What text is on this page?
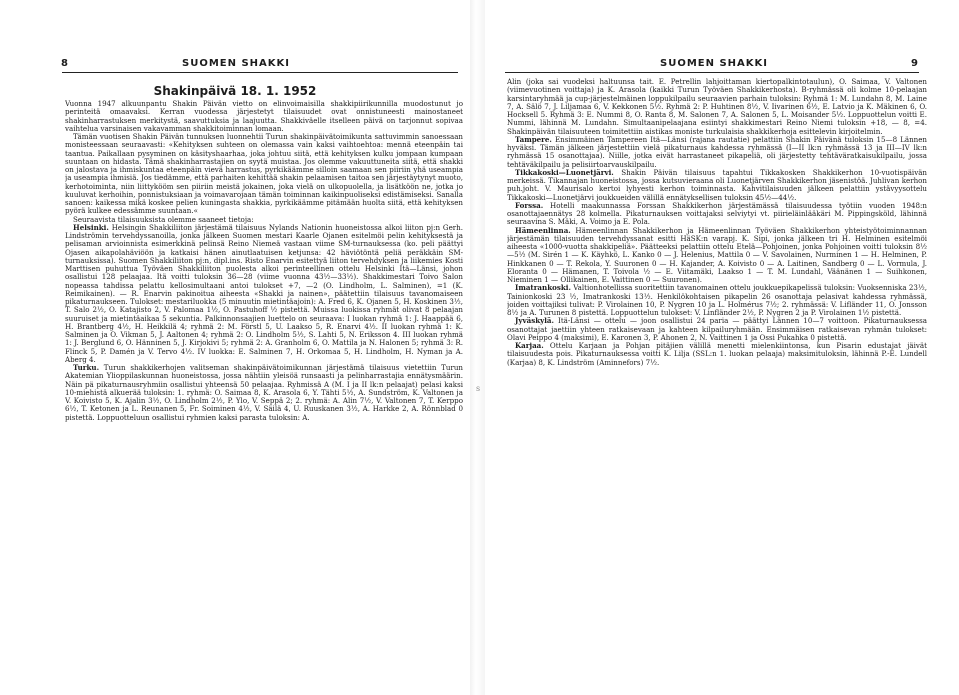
8	SUOMEN SHAKKI
Shakinpäivä 18. 1. 1952

Vuonna 1947 alkuunpantu Shakin Päivän vietto on elinvoimaisilla shakkipiirikunnilla muodostunut jo perinteitä omaavaksi. Kerran vuodessa järjestetyt tilaisuudet ovat onnistuneesti mainostaneet shakinharrastuksen merkitystä, saavuttuksia ja laajuutta. Shakkiväelle itselleen päivä on tarjonnut sopivaa vaihtelua varsinaisen vakavamman shakkitoiminnan lomaan.

Tämän vuotisen Shakin Päivän tunnuksen luonnehtii Turun shakinpäivätoimikunta sattuvimmin sanoessaan monisteessaan seuraavasti: «Kehityksen suhteen on olemassa vain kaksi vaihtoehtoa: mennä eteenpäin tai taantua. Paikallaan pysyminen on käsityshaarhaa, joka johtuu siitä, että kehityksen kulku jompaan kumpaan suuntaan on hidasta. Tämä shakinharrastajien on syytä muistaa. Jos olemme vakuuttuneita siitä, että shakki on jalostava ja ihmiskuntaa eteenpäin vievä harrastus, pyrkikäämme silloin saamaan sen piiriin yhä useampia ja useampia ihmisiä. Jos tiedämme, että parhaiten kehittää shakin pelaamisen taitoa sen järjestäytynyt muoto, kerhotoiminta, niin liittykööm sen piiriin meistä jokainen, joka vielä on ulkopuolella, ja lisätköön ne, jotka jo kuuluvat kerhoihin, ponnistuksiaan ja voimavarojaan tämän toiminnan kaikinpuoliseksi edistämiseksi. Sanalla sanoen: kaikessa mikä koskee pelien kuningasta shakkia, pyrkikäämme pitämään huolta siitä, että kehityksen pyörä kulkee edessämme suuntaan.«

Seuraavista tilaisuuksista olemme saaneet tietoja:

Helsinki. Helsingin Shakkiliiton järjestämä tilaisuus Nylands Nationin huoneistossa alkoi liiton pj:n Gerh. Lindströmin tervehdyssanoilla, jonka jälkeen Suomen mestari Kaarle Ojanen esitelmöi pelin kehityksestä ja pelisaman arvioinnista esimerkkinä pelinsä Reino Niemeä vastaan viime SM-turnauksessa (ko. peli päättyi Ojasen aikapolahäviöön ja katkaisi hänen ainutlaatuisen ketjunsa: 42 häviötöntä peliä peräkkäin SM-turnauksissa). Suomen Shakkiliiton pj:n, dipl.ins. Risto Enarvin esitettyä liiton tervehdyksen ja liikemies Kosti Marttisen puhuttua Työväen Shakkiliiton puolesta alkoi perinteellinen ottelu Helsinki Itä—Länsi, johon osallistui 128 pelaajaa. Itä voitti tuloksin 36—28 (viime vuonna 43½—33½). Shakkimestari Toivo Salon nopeassa tahdissa pelattu kellosimultaani antoi tulokset +7, —2 (O. Lindholm, L. Salminen), =1 (K. Reimikainen). — R. Enarvin pakinoitua aiheesta «Shakki ja nainen», päätettiin tilaisuus tavanomaiseen pikaturnaukseen. Tulokset: mestariluokka (5 minuutin mietintäajoin): A. Fred 6, K. Ojanen 5, H. Koskinen 3½, T. Salo 2½, O. Katajisto 2, V. Palomaa 1½, O. Pastuhoff ½ pistettä. Muissa luokissa ryhmät olivat 8 pelaajan suuruiset ja mietintäaikaa 5 sekuntia. Palkinnonsaajien luettelo on seuraava: I luokan ryhmä 1: J. Haappää 6, H. Brantberg 4½, H. Heikkilä 4; ryhmä 2: M. Förstl 5, U. Laakso 5, R. Enarvi 4½. II luokan ryhmä 1: K. Salminen ja O. Vikman 5, J. Aaltonen 4; ryhmä 2: O. Lindholm 5½, S. Lahti 5, N. Eriksson 4. III luokan ryhmä 1: J. Berglund 6, O. Hänninen 5, J. Kirjokivi 5; ryhmä 2: A. Granholm 6, O. Mattila ja N. Halonen 5; ryhmä 3: R. Flinck 5, P. Damén ja V. Tervo 4½. IV luokka: E. Salminen 7, H. Orkomaa 5, H. Lindholm, H. Nyman ja A. Aberg 4.

Turku. Turun shakkikerhojen valitseman shakinpäivätoimikunnan järjestämä tilaisuus vietettiin Turun Akatemian Ylioppilaskunnan huoneistossa, jossa nähtiin yleisöä runsaasti ja pelinharrastajia ennätysmäärin. Näin pä pikaturnausryhmiin osallistui yhteensä 50 pelaajaa. Ryhmissä A (M. I ja II lk:n pelaajat) pelasi kaksi 10-miehistä alkuerää tuloksin: 1. ryhmä: O. Saimaa 8, K. Arasola 6, Y. Tähti 5½, A. Sundström, K. Valtonen ja V. Koivisto 5, K. Ajalin 3½, O. Lindholm 2½, P. Ylo, V. Seppä 2; 2. ryhmä: A. Alin 7½, V. Valtonen 7, T. Kerppo 6½, T. Ketonen ja L. Reunanen 5, Fr. Soiminen 4½, V. Säilä 4, U. Ruuskanen 3½, A. Harkke 2, A. Rönnblad 0 pistettä. Loppuotteluun osallistui ryhmien kaksi parasta tuloksin: A.

SUOMEN SHAKKI	9

Alin (joka sai vuodeksi haltuunsa tait. E. Petrellin lahjoittaman kiertopalkintotaulun), O. Saimaa, V. Valtonen (viimevuotinen voittaja) ja K. Arasola (kaikki Turun Työväen Shakkikerhosta). B-ryhmässä oli kolme 10-pelaajan karsintaryhmää ja cup-järjestelmäinen loppukilpailu seuraavien parhain tuloksin: Ryhmä 1: M. Lundahn 8, M. Laine 7, A. Sälö 7, J. Liljamaa 6, V. Kekkonen 5½. Ryhmä 2: P. Huhtinen 8½, V. Iivarinen 6½, E. Latvio ja K. Mäkinen 6, O. Hocksell 5. Ryhmä 3: E. Nummi 8, O. Ranta 8, M. Salonen 7, A. Salonen 5, L. Moisander 5½. Loppuottelun voitti E. Nummi, lähinnä M. Lundahn. Simultaanipelaajana esiintyi shakkimestari Reino Niemi tuloksin +18, — 8, =4. Shakinpäivän tilaisuuteen toimitettiin aistikas moniste turkulaisia shakkikerhoja esittelevin kirjoitelmin.

Tampere. Ensimmäinen Tampereen Itä—Länsi (rajana rautatie) pelattiin Shakin Päivänä tuloksin 15—8 Lännen hyväksi. Tämän jälkeen järjestettiin vielä pikaturnaus kahdessa ryhmässä (I—II lk:n ryhmässä 13 ja III—IV lk:n ryhmässä 15 osanottajaa). Niille, jotka eivät harrastaneet pikapeliä, oli järjestetty tehtäväratkaisukilpailu, jossa tehtäväkilpailu ja pelisiirtoarvauskilpailu.

Tikkakoski—Luonetjärvi. Shakin Päivän tilaisuus tapahtui Tikkakosken Shakkikerhon 10-vuotispäivän merkeissä. Tikannajan huoneistossa, jossa kutsuvieraana oli Luonetjärven Shakkikerhon jäsenistöä. Juhlivan kerhon puh.joht. V. Maurisalo kertoi lyhyesti kerhon toiminnasta. Kahvitilaisuuden jälkeen pelattiin ystävyysottelu Tikkakoski—Luonetjärvi joukkueiden välillä ennätyksellisen tuloksin 45½—44½.

Forssa. Hotelli maakunnassa Forssan Shakkikerhon järjestämässä tilaisuudessa työtiin vuoden 1948:n osanottajaennätys 28 kolmella. Pikaturnauksen voittajaksi selviytyi vt. piirieläinlääkäri M. Pippingsköld, lähinnä seuraavina S. Mäki, A. Voimo ja E. Pola.

Hämeenlinna. Hämeenlinnan Shakkikerhon ja Hämeenlinnan Työväen Shakkikerhon yhteistyötoiminnannan järjestämän tilaisuuden tervehdyssanat esitti HäSK:n varapj. K. Sipi, jonka jälkeen tri H. Helminen esitelmöi aiheesta «1000-vuotta shakkipeliä». Päätteeksi pelattiin ottelu Etelä—Pohjoinen, jonka Pohjoinen voitti tuloksin 8½—5½ (M. Sirén 1 — K. Käyhkö, L. Kanko 0 — J. Helenius, Mattila 0 — V. Savolainen, Nurminen 1 — H. Helminen, P. Hinkkanen 0 — T. Rekola, Y. Suuronen 0 — H. Kajander, A. Koivisto 0 — A. Laitinen, Sandberg 0 — L. Vormula, J. Eloranta 0 — Hämanen, T. Toivola ½ — E. Viitamäki, Laakso 1 — T. M. Lundahl, Väänänen 1 — Suihkonen, Nieminen 1 — Ollikainen, E. Vaittinen 0 — Suuronen).

Imatrankoski. Valtionhotellissa suoritettiin tavanomainen ottelu joukkuepikapelissä tuloksin: Vuoksenniska 23½, Tainionkoski 23 ½, Imatrankoski 13½. Henkilökohtaisen pikapelin 26 osanottaja pelasivat kahdessa ryhmässä, joiden voittajiksi tulivat: P. Virolainen 10, P. Nygren 10 ja L. Holmérus 7½; 2. ryhmässä: V. Lifländer 11, O. Jonsson 8½ ja A. Turunen 8 pistettä. Loppuottelun tulokset: V. Linfländer 2½, P. Nygren 2 ja P. Virolainen 1½ pistettä.

Jyväskylä. Itä-Länsi — ottelu — joon osallistui 24 paria — päättyi Lännen 10—7 voittoon. Pikaturnauksessa osanottajat jaettiin yhteen ratkaisevaan ja kahteen kilpailuryhmään. Ensimmäisen ratkaisevan ryhmän tulokset: Olavi Peippo 4 (maksimi), E. Karonen 3, P. Ahonen 2, N. Vaittinen 1 ja Ossi Pukahka 0 pistettä.

Karjaa. Ottelu Karjaan ja Pohjan pitäjien välillä menetti mielenkiintonsa, kun Pisarin edustajat jäivät tilaisuudesta pois. Pikaturnauksessa voitti K. Lilja (SSL:n 1. luokan pelaaja) maksimituloksin, lähinnä P.-E. Lundell (Karjaa) 8, K. Lindström (Aminnefors) 7½.

s
